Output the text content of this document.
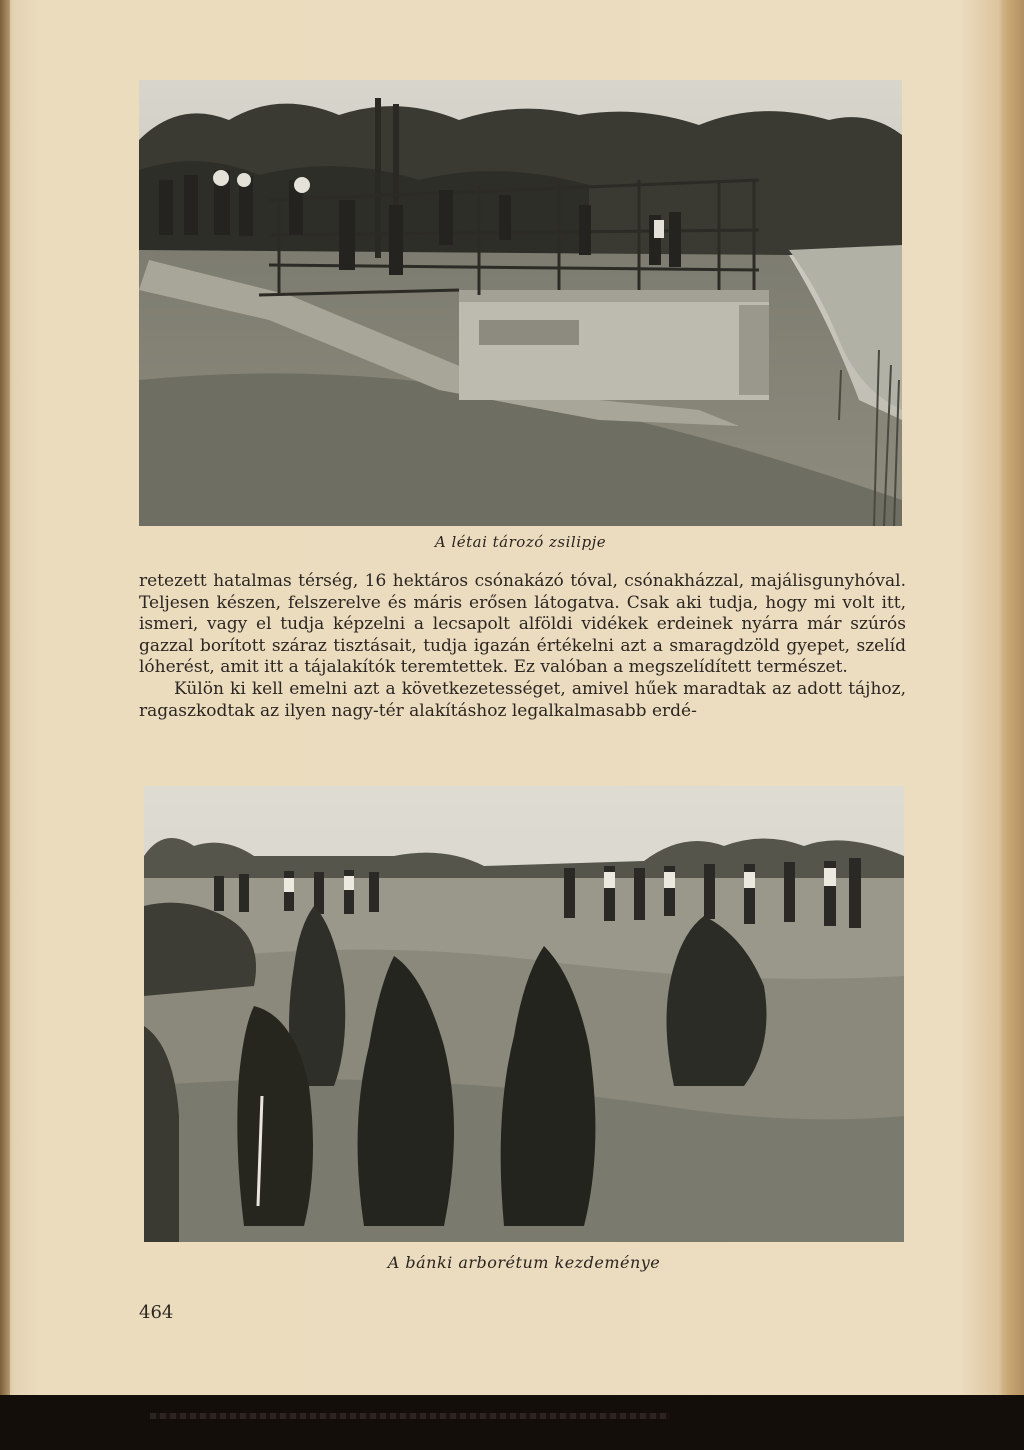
A létai tározó zsilipje

retezett hatalmas térség, 16 hektáros csónakázó tóval, csónakházzal, majálisgunyhóval. Teljesen készen, felszerelve és máris erősen látogatva. Csak aki tudja, hogy mi volt itt, ismeri, vagy el tudja képzelni a lecsapolt alföldi vidékek erdeinek nyárra már szúrós gazzal borított száraz tisztásait, tudja igazán értékelni azt a smaragdzöld gyepet, szelíd lóherést, amit itt a tájalakítók teremtettek. Ez valóban a megszelídített természet.

Külön ki kell emelni azt a következetességet, amivel hűek maradtak az adott tájhoz, ragaszkodtak az ilyen nagy-tér alakításhoz legalkalmasabb erdé-

A bánki arborétum kezdeménye
464
